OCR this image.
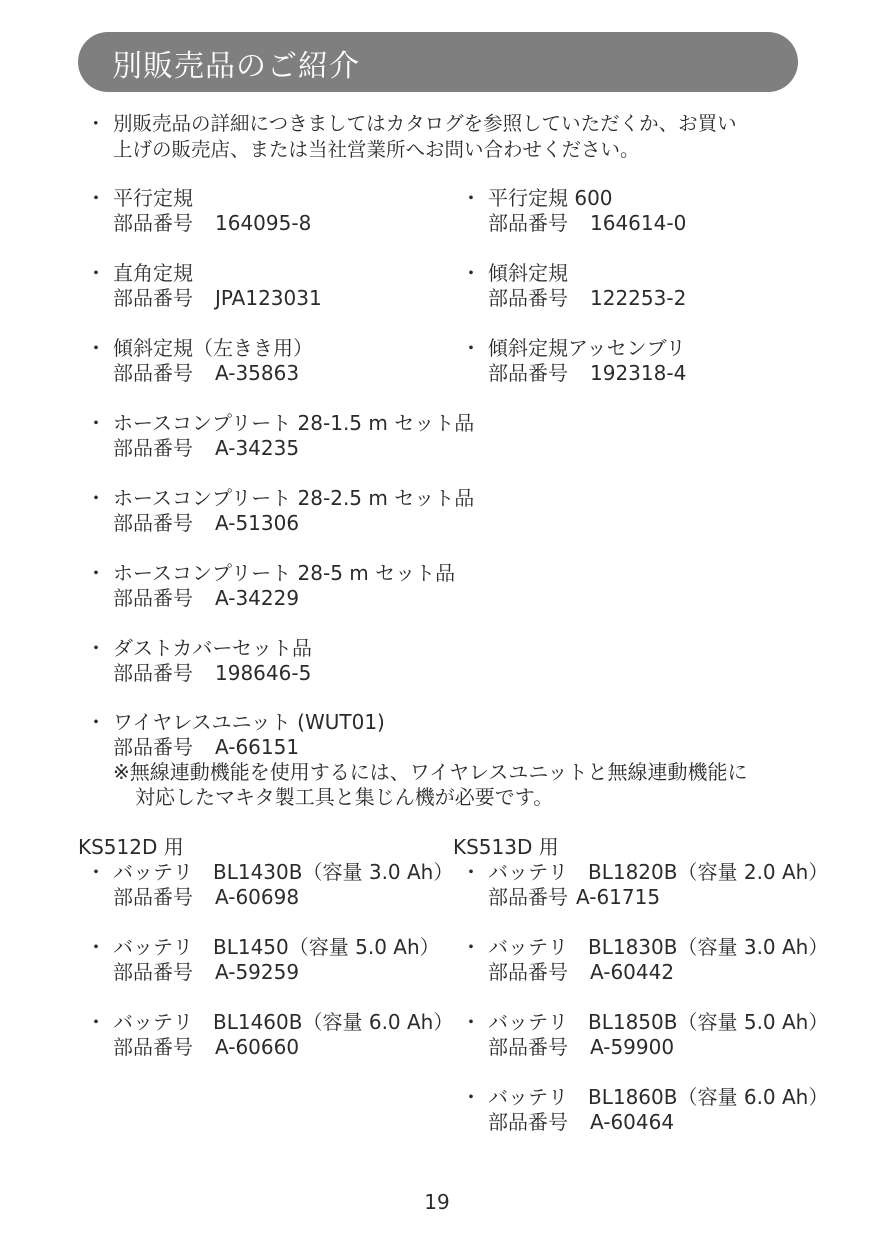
別販売品のご紹介
・ 別販売品の詳細につきましてはカタログを参照していただくか、お買い
上げの販売店、または当社営業所へお問い合わせください。
・ 平行定規
部品番号 164095-8
・ 平行定規 600
部品番号 164614-0
・ 直角定規
部品番号 JPA123031
・ 傾斜定規
部品番号 122253-2
・ 傾斜定規（左きき用）
部品番号 A-35863
・ 傾斜定規アッセンブリ
部品番号 192318-4
・ ホースコンプリート 28-1.5 m セット品
部品番号 A-34235
・ ホースコンプリート 28-2.5 m セット品
部品番号 A-51306
・ ホースコンプリート 28-5 m セット品
部品番号 A-34229
・ ダストカバーセット品
部品番号 198646-5
・ ワイヤレスユニット (WUT01)
部品番号 A-66151
※無線連動機能を使用するには、ワイヤレスユニットと無線連動機能に
対応したマキタ製工具と集じん機が必要です。
KS512D 用	KS513D 用
・ バッテリ　BL1430B（容量 3.0 Ah）
部品番号 A-60698
・ バッテリ　BL1450（容量 5.0 Ah）
部品番号 A-59259
・ バッテリ　BL1460B（容量 6.0 Ah）
部品番号 A-60660
・ バッテリ　BL1820B（容量 2.0 Ah）
部品番号 A-61715
・ バッテリ　BL1830B（容量 3.0 Ah）
部品番号 A-60442
・ バッテリ　BL1850B（容量 5.0 Ah）
部品番号 A-59900
・ バッテリ　BL1860B（容量 6.0 Ah）
部品番号 A-60464
19
